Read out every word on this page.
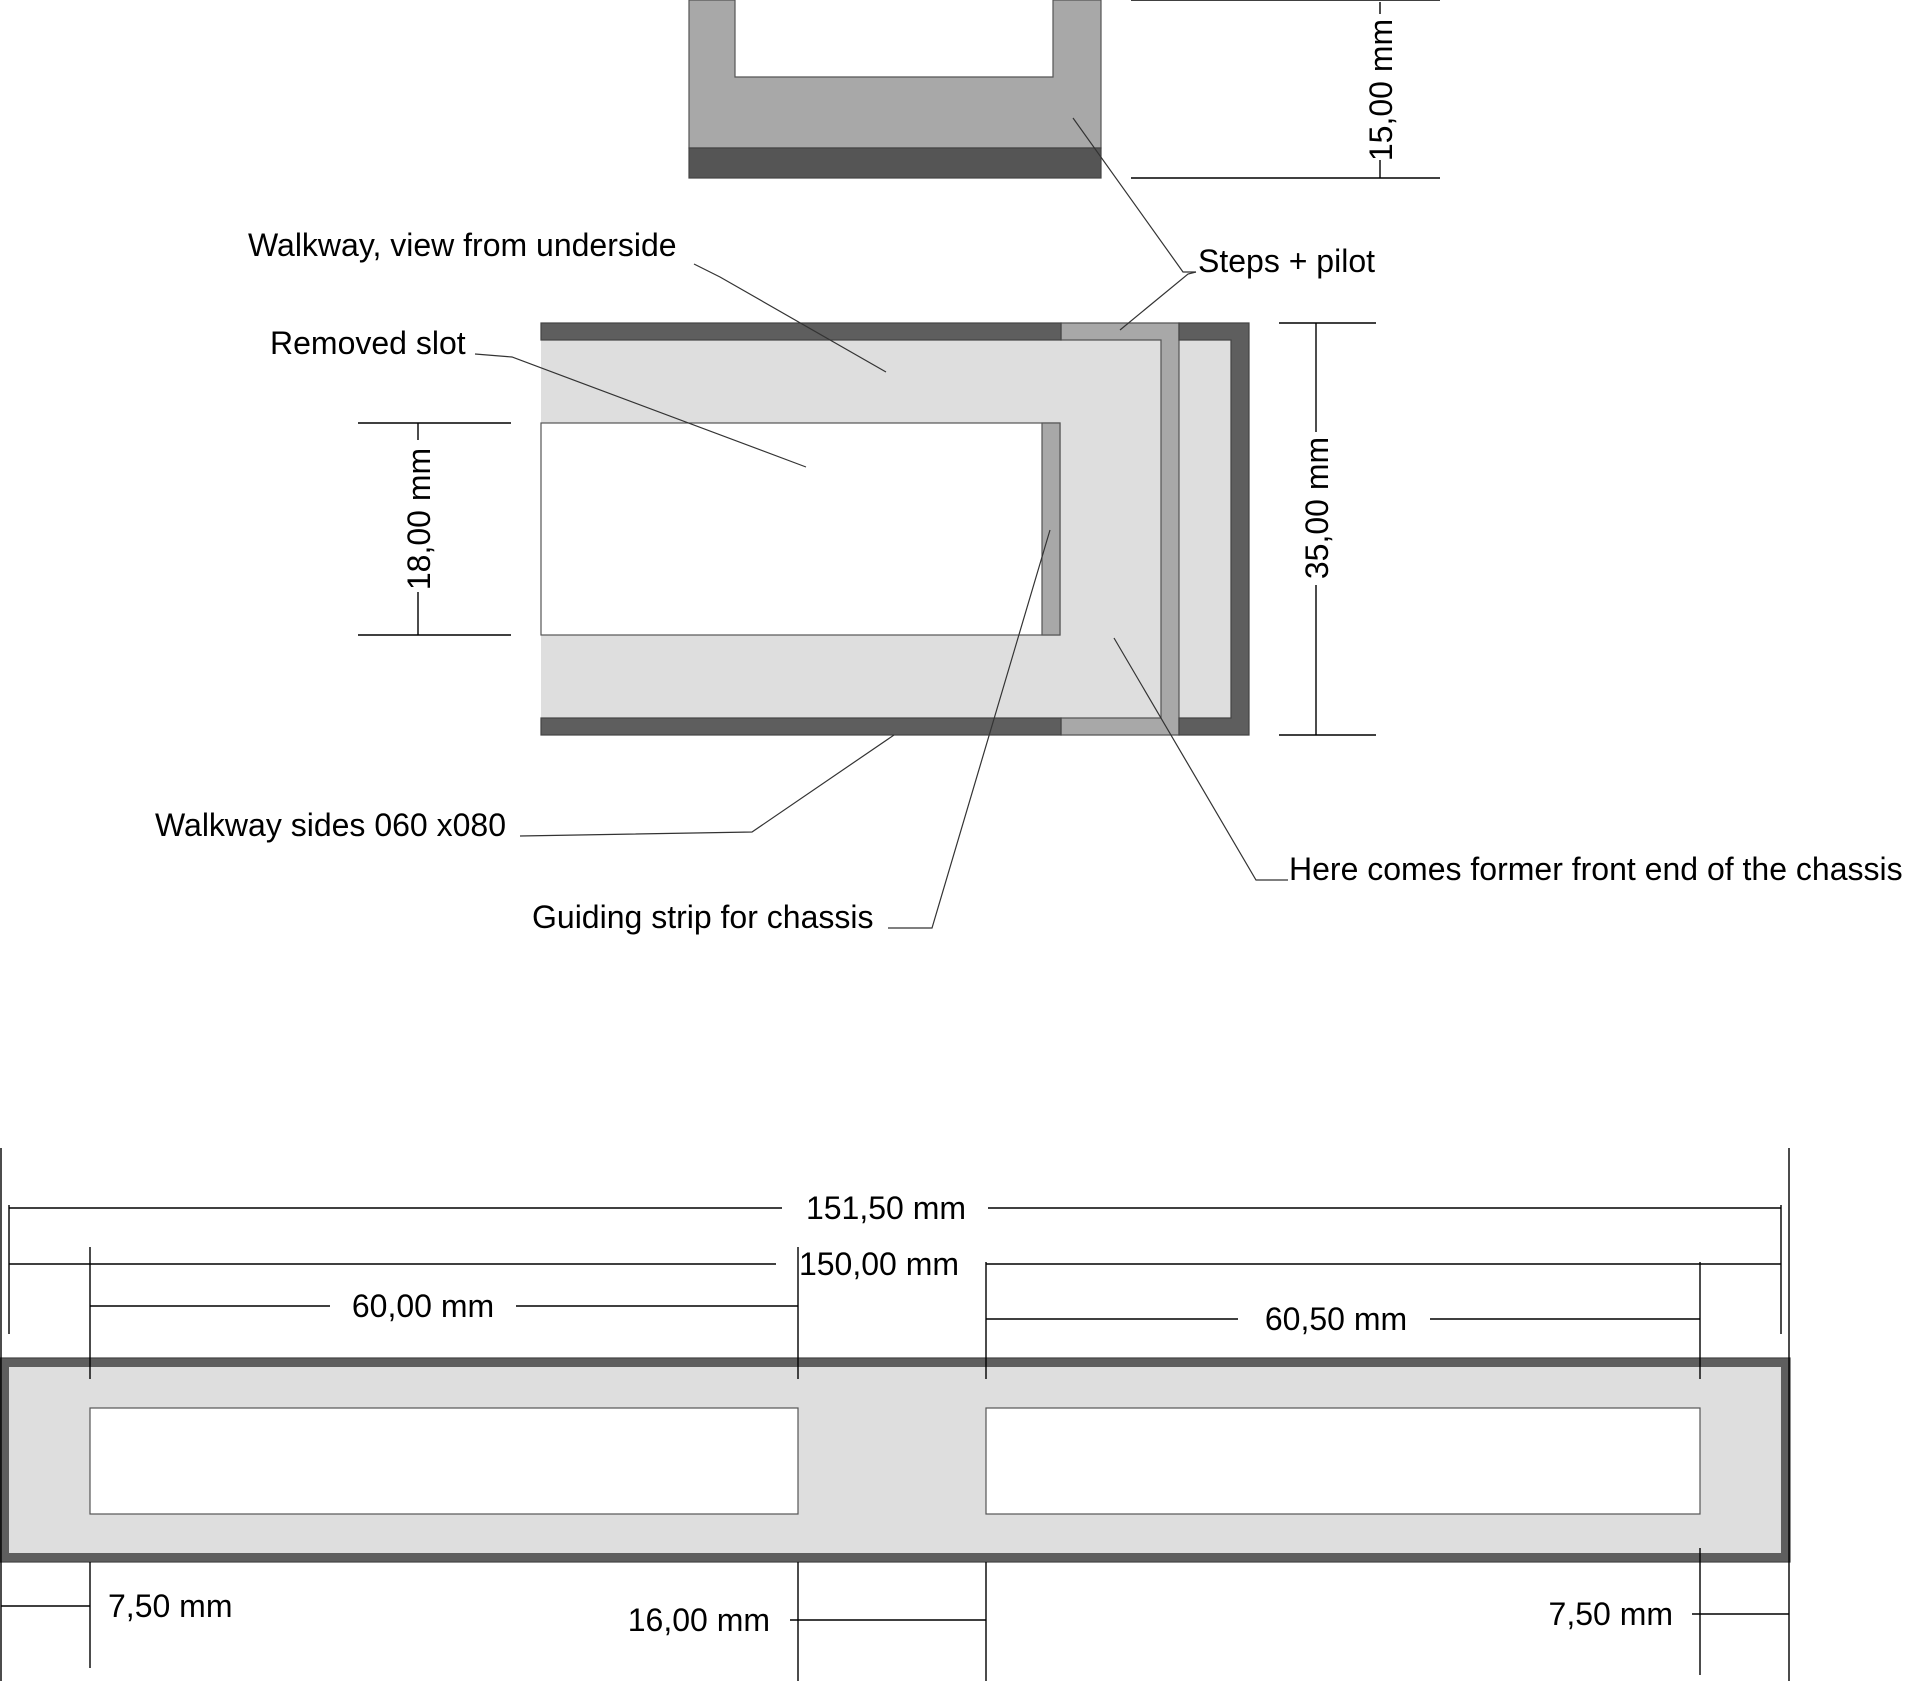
15,00 mm
18,00 mm	35,00 mm
Walkway, view from underside
Removed slot
Steps + pilot
Walkway sides 060 x080
Guiding strip for chassis
Here comes former front end of the chassis
151,50 mm
150,00 mm
60,00 mm	60,50 mm
7,50 mm	16,00 mm	7,50 mm
